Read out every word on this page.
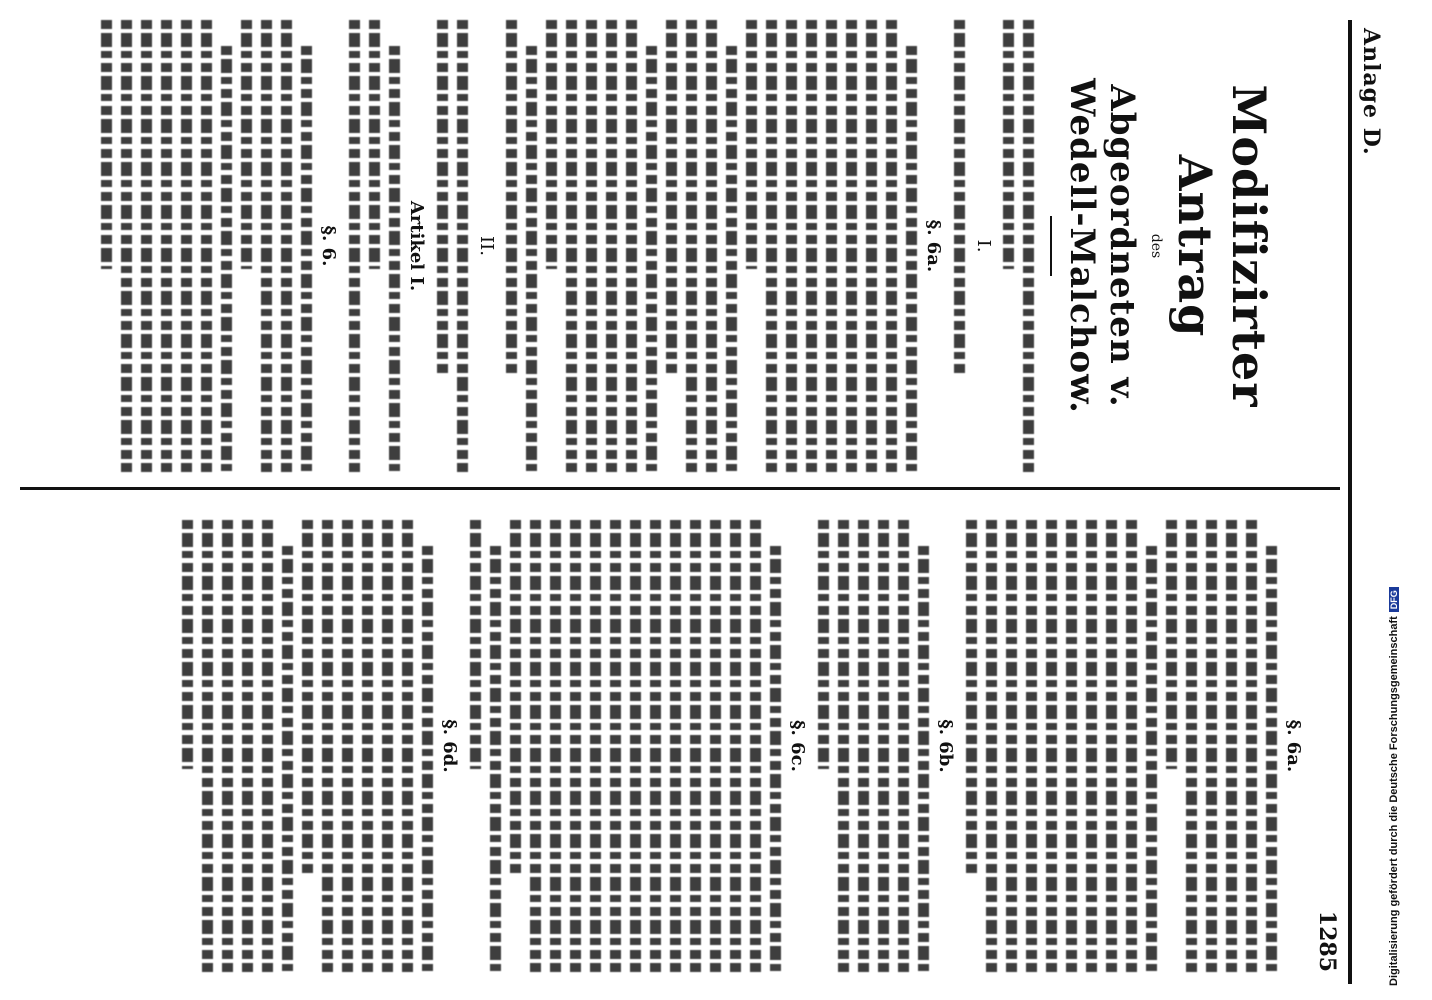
Anlage D.
Modifizirter Antrag
des
Abgeordneten v. Wedell-Malchow.
I.
§. 6a.
II.
Artikel I.
§. 6.
1285
§. 6a.
§. 6b.
§. 6c.
§. 6d.	Digitalisierung gefördert durch die Deutsche ForschungsgemeinschaftDFG
